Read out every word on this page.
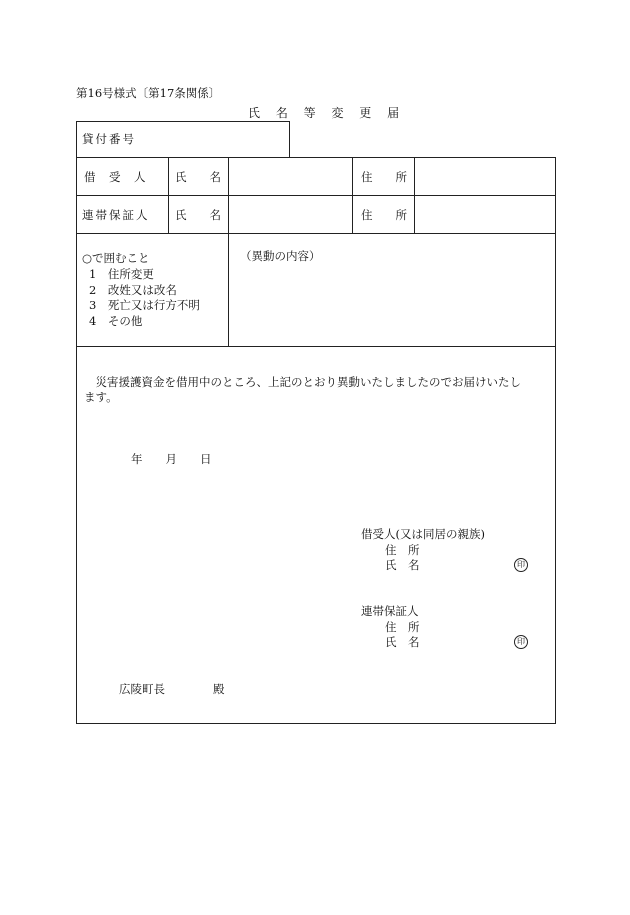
第16号様式〔第17条関係〕
氏 名 等 変 更 届
貸付番号
借　受　人	氏　　名	住　　所
連帯保証人 氏　　名	住　　所
○で囲むこと
1　住所変更
2　改姓又は改名
3　死亡又は行方不明
4　その他
（異動の内容）
　災害援護資金を借用中のところ、上記のとおり異動いたしましたのでお届けいたし
ます。
年　　月　　日
借受人(又は同居の親族)
住　所
氏　名	印
連帯保証人
住　所
氏　名	印
広陵町長	殿
